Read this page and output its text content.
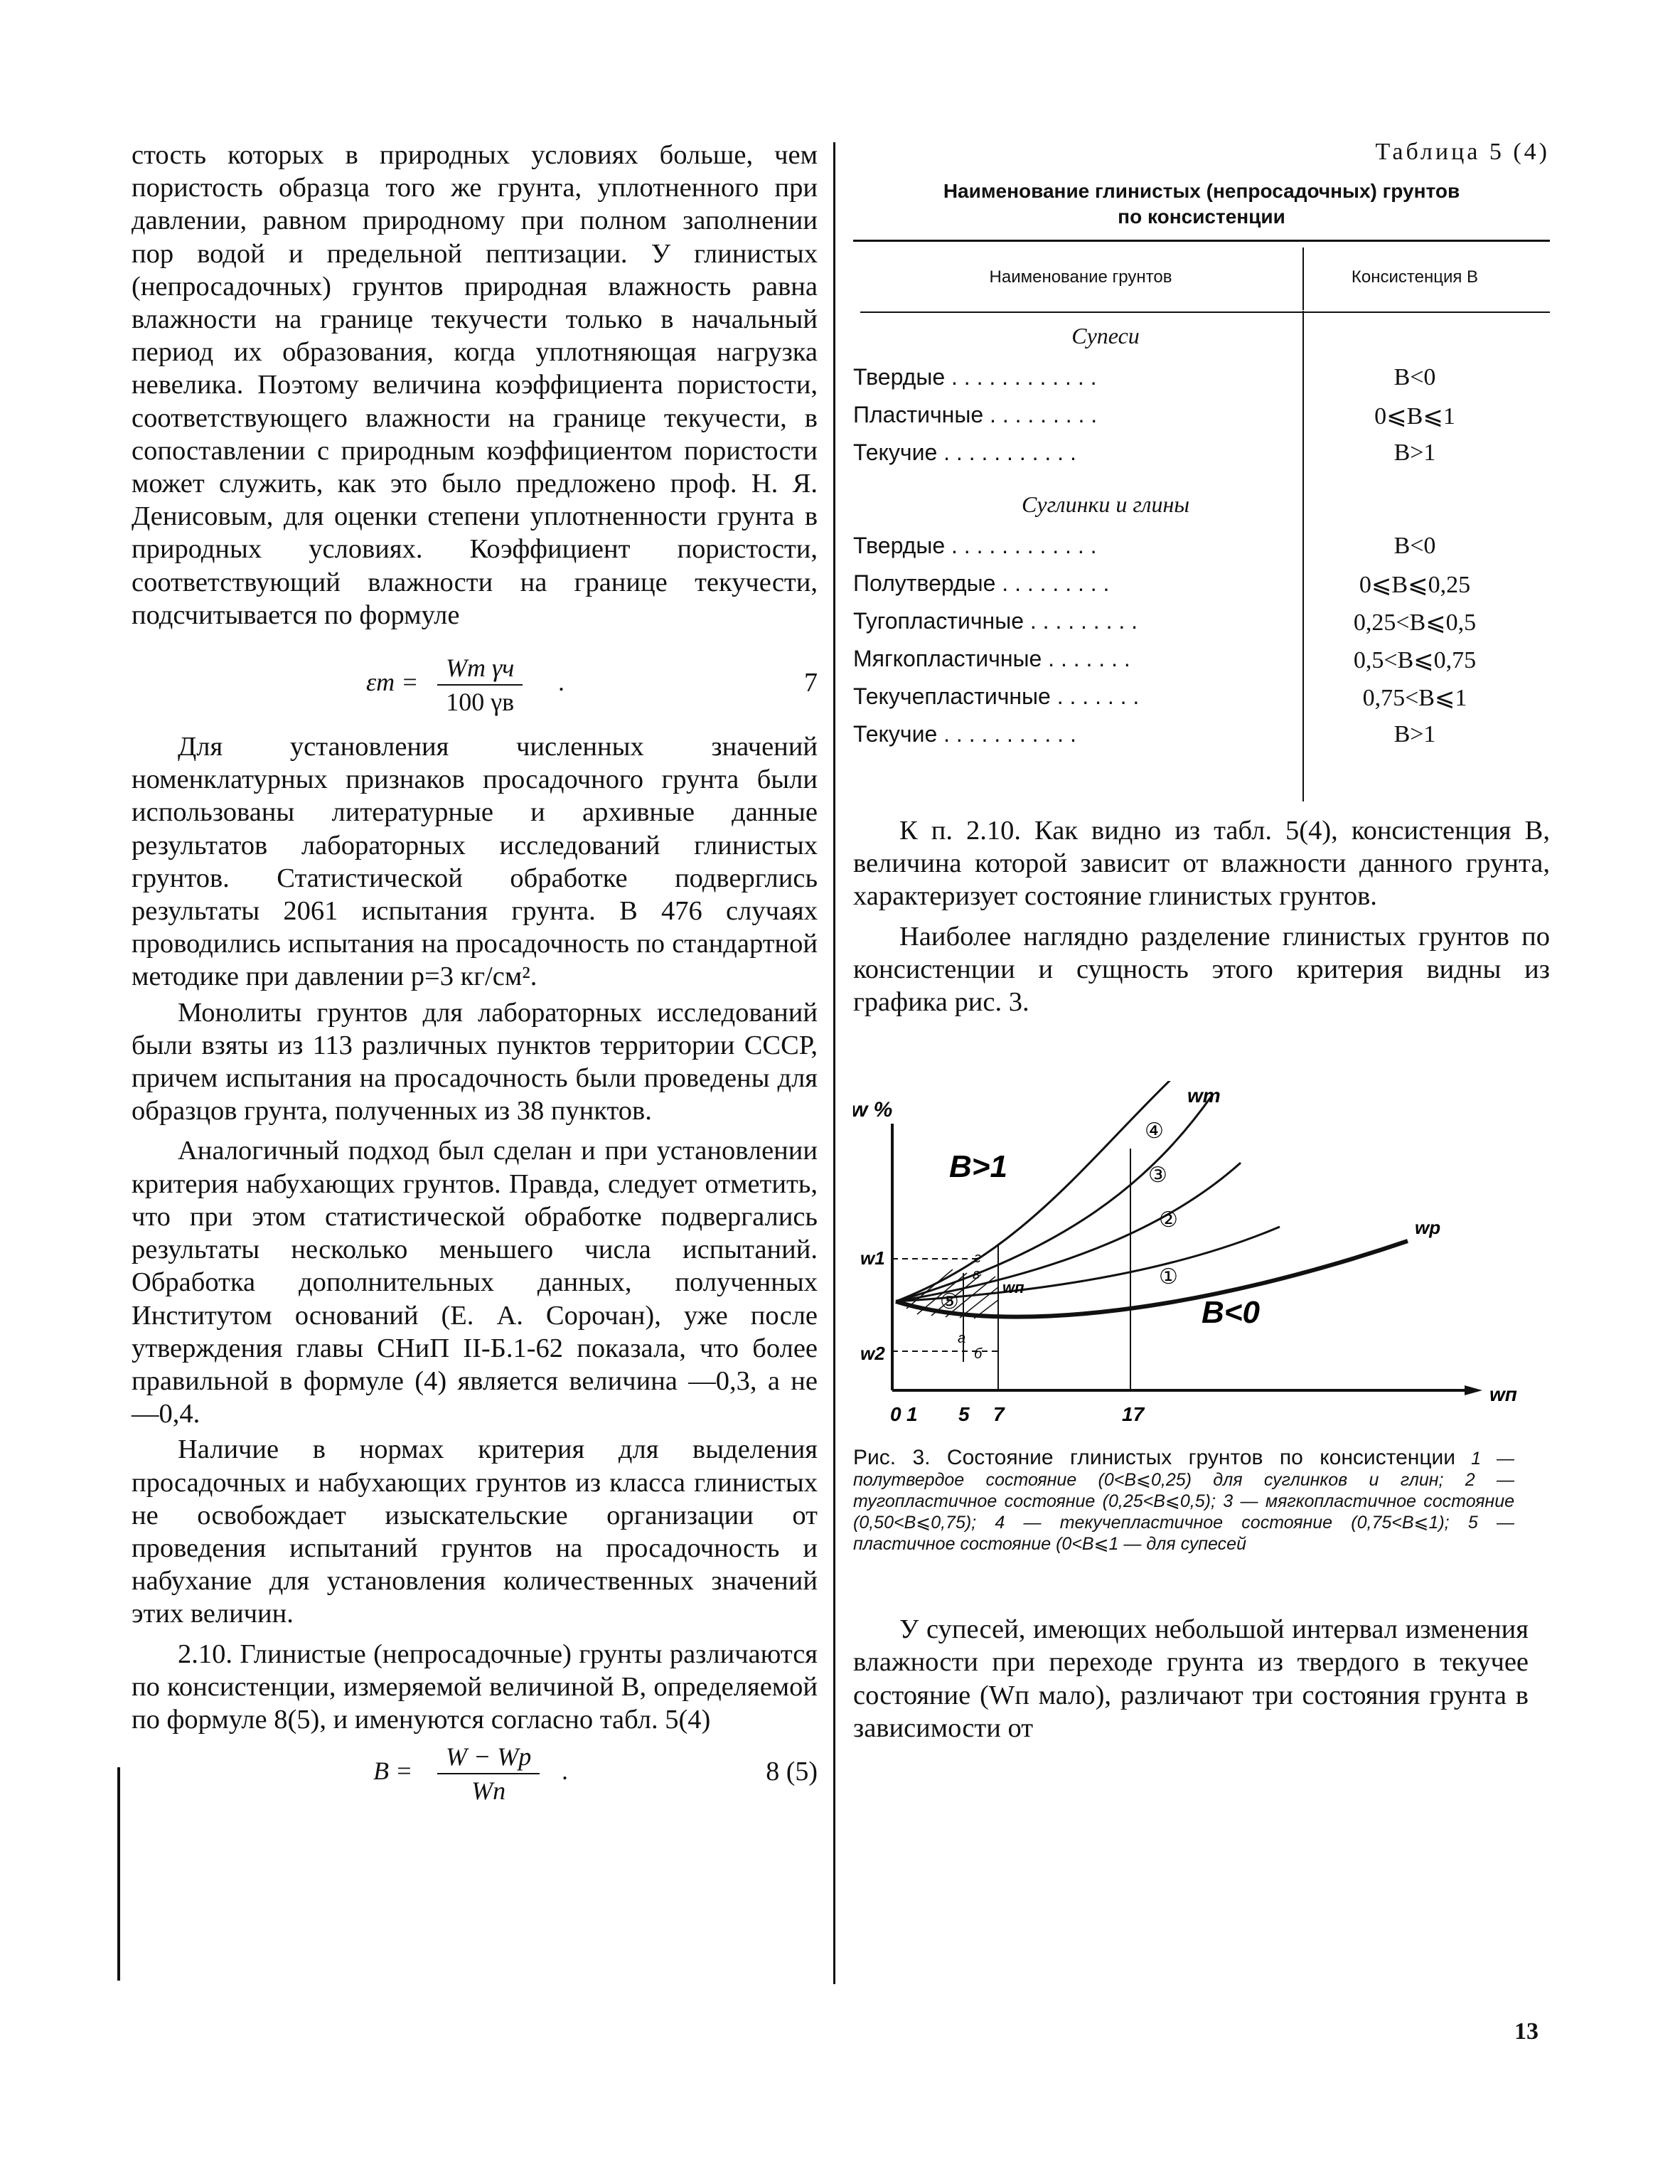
стость которых в природных условиях больше, чем пористость образца того же грунта, уплотненного при давлении, равном природному при полном заполнении пор водой и предельной пептизации. У глинистых (непросадочных) грунтов природная влажность равна влажности на границе текучести только в начальный период их образования, когда уплотняющая нагрузка невелика. Поэтому величина коэффициента пористости, соответствующего влажности на границе текучести, в сопоставлении с природным коэффициентом пористости может служить, как это было предложено проф. Н. Я. Денисовым, для оценки степени уплотненности грунта в природных условиях. Коэффициент пористости, соответствующий влажности на границе текучести, подсчитывается по формуле

εт =	Wт γч
100 γв
.	7

Для установления численных значений номенклатурных признаков просадочного грунта были использованы литературные и архивные данные результатов лабораторных исследований глинистых грунтов. Статистической обработке подверглись результаты 2061 испытания грунта. В 476 случаях проводились испытания на просадочность по стандартной методике при давлении p=3 кг/см².

Монолиты грунтов для лабораторных исследований были взяты из 113 различных пунктов территории СССР, причем испытания на просадочность были проведены для образцов грунта, полученных из 38 пунктов.

Аналогичный подход был сделан и при установлении критерия набухающих грунтов. Правда, следует отметить, что при этом статистической обработке подвергались результаты несколько меньшего числа испытаний. Обработка дополнительных данных, полученных Институтом оснований (Е. А. Сорочан), уже после утверждения главы СНиП II-Б.1-62 показала, что более правильной в формуле (4) является величина —0,3, а не —0,4.

Наличие в нормах критерия для выделения просадочных и набухающих грунтов из класса глинистых не освобождает изыскательские организации от проведения испытаний грунтов на просадочность и набухание для установления количественных значений этих величин.

2.10. Глинистые (непросадочные) грунты различаются по консистенции, измеряемой величиной B, определяемой по формуле 8(5), и именуются согласно табл. 5(4)

B =	W − Wр
Wп
.	8 (5)
Таблица 5 (4)
Наименование глинистых (непросадочных) грунтов
по консистенции
Наименование грунтов	Консистенция B
Супеси
Твердые . . . . . . . . . . . .	B<0
Пластичные . . . . . . . . .	0⩽B⩽1
Текучие . . . . . . . . . . .	B>1
Суглинки и глины
Твердые . . . . . . . . . . . .	B<0
Полутвердые . . . . . . . . .	0⩽B⩽0,25
Тугопластичные . . . . . . . . .	0,25<B⩽0,5
Мягкопластичные . . . . . . .	0,5<B⩽0,75
Текучепластичные . . . . . . .	0,75<B⩽1
Текучие . . . . . . . . . . .	B>1

К п. 2.10. Как видно из табл. 5(4), консистенция B, величина которой зависит от влажности данного грунта, характеризует состояние глинистых грунтов.

Наиболее наглядно разделение глинистых грунтов по консистенции и сущность этого критерия видны из графика рис. 3.

w %
wп
wт
wр
B>1
B<0
w1
w2
wп
г
в
а
б
①
②
③
④
⑤
0 1 5 7	17
Рис. 3. Состояние глинистых грунтов по консистенции 1 — полутвердое состояние (0<B⩽0,25) для суглинков и глин; 2 — тугопластичное состояние (0,25<B⩽0,5); 3 — мягкопластичное состояние (0,50<B⩽0,75); 4 — текучепластичное состояние (0,75<B⩽1); 5 — пластичное состояние (0<B⩽1 — для супесей

У супесей, имеющих небольшой интервал изменения влажности при переходе грунта из твердого в текучее состояние (Wп мало), различают три состояния грунта в зависимости от

13
